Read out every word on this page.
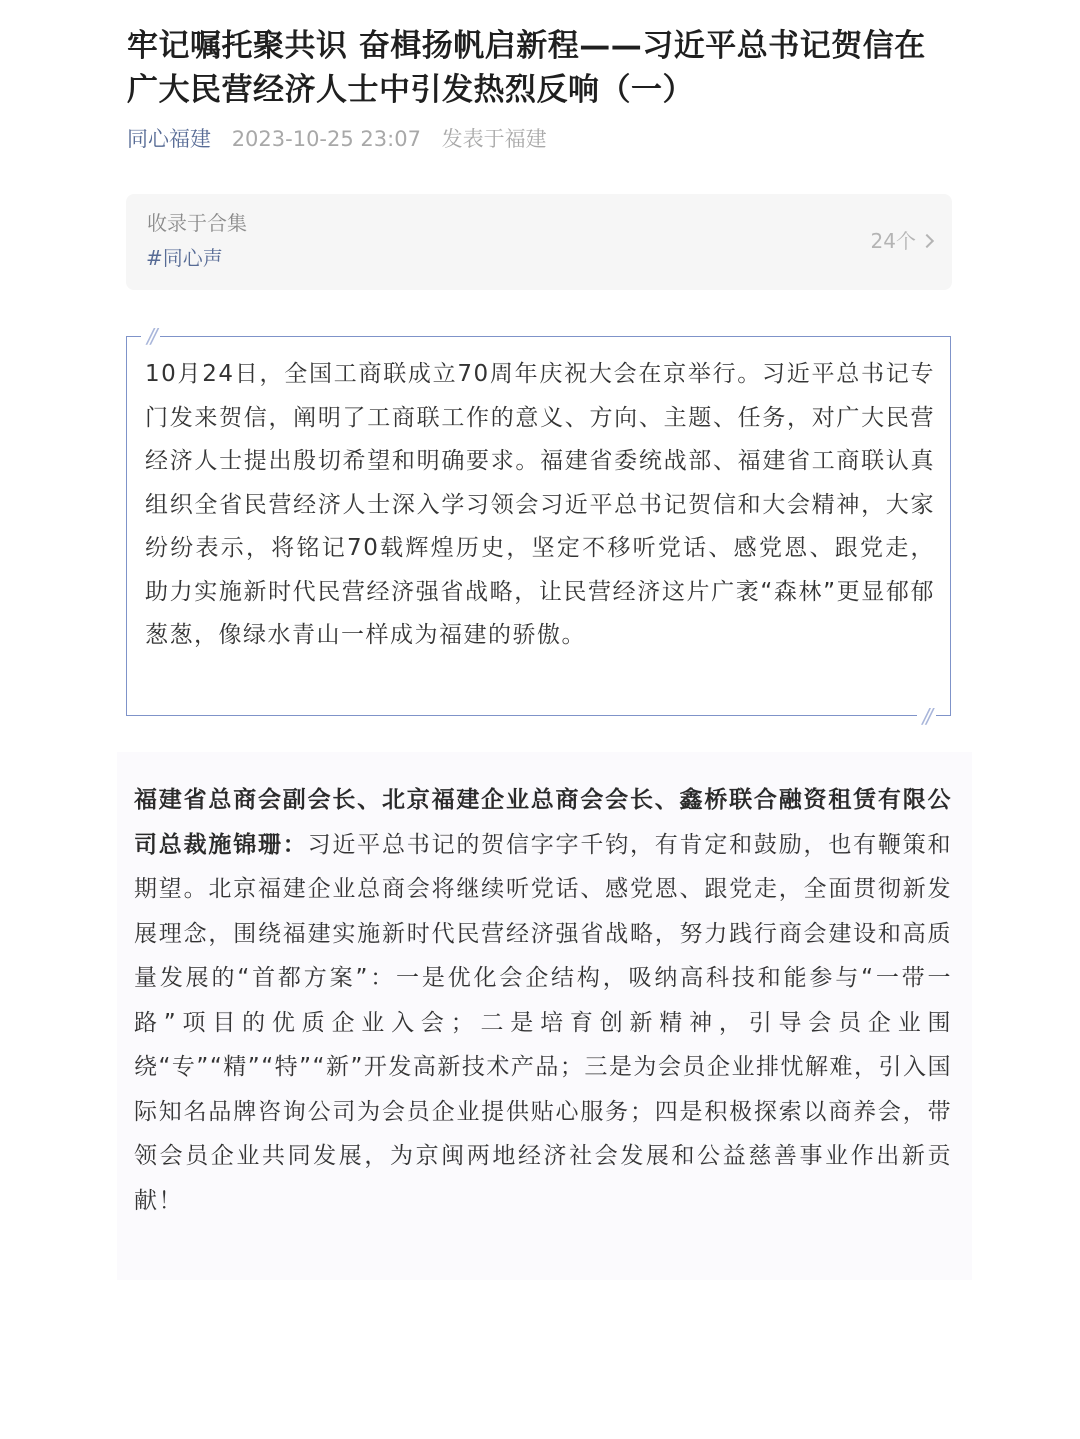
牢记嘱托聚共识 奋楫扬帆启新程——习近平总书记贺信在广大民营经济人士中引发热烈反响（一）
同心福建 2023-10-25 23:07 发表于福建
收录于合集
#同心声
24个
//

10月24日，全国工商联成立70周年庆祝大会在京举行。习近平总书记专门发来贺信，阐明了工商联工作的意义、方向、主题、任务，对广大民营经济人士提出殷切希望和明确要求。福建省委统战部、福建省工商联认真组织全省民营经济人士深入学习领会习近平总书记贺信和大会精神，大家纷纷表示，将铭记70载辉煌历史，坚定不移听党话、感党恩、跟党走，助力实施新时代民营经济强省战略，让民营经济这片广袤“森林”更显郁郁葱葱，像绿水青山一样成为福建的骄傲。

//

福建省总商会副会长、北京福建企业总商会会长、鑫桥联合融资租赁有限公司总裁施锦珊：习近平总书记的贺信字字千钧，有肯定和鼓励，也有鞭策和期望。北京福建企业总商会将继续听党话、感党恩、跟党走，全面贯彻新发展理念，围绕福建实施新时代民营经济强省战略，努力践行商会建设和高质量发展的“首都方案”：一是优化会企结构，吸纳高科技和能参与“一带一路”项目的优质企业入会；二是培育创新精神，引导会员企业围绕“专”“精”“特”“新”开发高新技术产品；三是为会员企业排忧解难，引入国际知名品牌咨询公司为会员企业提供贴心服务；四是积极探索以商养会，带领会员企业共同发展，为京闽两地经济社会发展和公益慈善事业作出新贡献！
